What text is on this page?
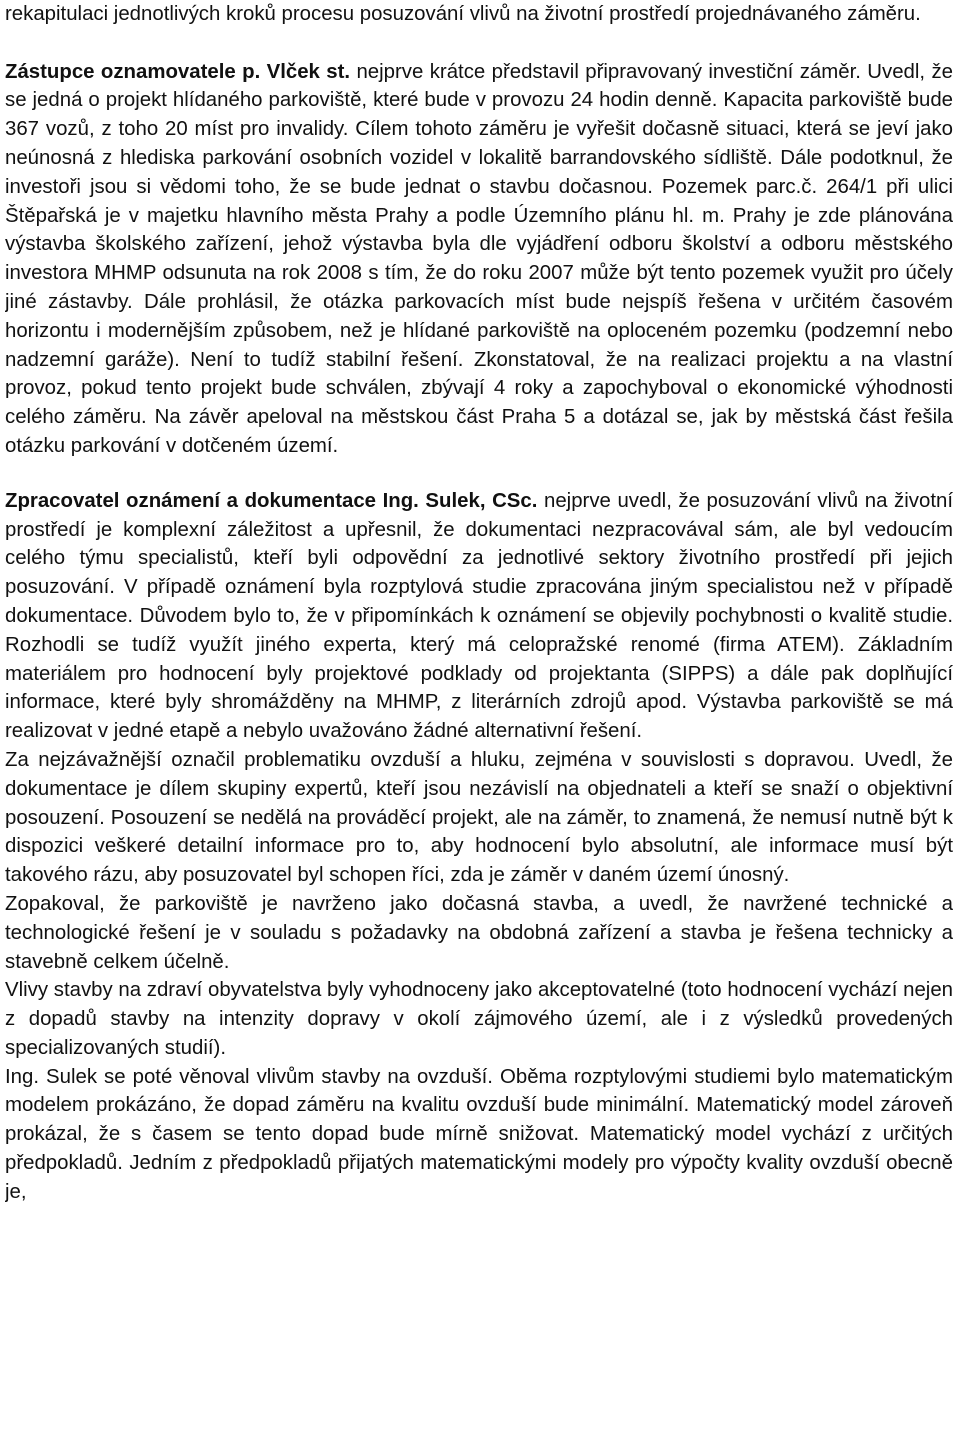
rekapitulaci jednotlivých kroků procesu posuzování vlivů na životní prostředí projednávaného záměru.

Zástupce oznamovatele p. Vlček st. nejprve krátce představil připravovaný investiční záměr. Uvedl, že se jedná o projekt hlídaného parkoviště, které bude v provozu 24 hodin denně. Kapacita parkoviště bude 367 vozů, z toho 20 míst pro invalidy. Cílem tohoto záměru je vyřešit dočasně situaci, která se jeví jako neúnosná z hlediska parkování osobních vozidel v lokalitě barrandovského sídliště. Dále podotknul, že investoři jsou si vědomi toho, že se bude jednat o stavbu dočasnou. Pozemek parc.č. 264/1 při ulici Štěpařská je v majetku hlavního města Prahy a podle Územního plánu hl. m. Prahy je zde plánována výstavba školského zařízení, jehož výstavba byla dle vyjádření odboru školství a odboru městského investora MHMP odsunuta na rok 2008 s tím, že do roku 2007 může být tento pozemek využit pro účely jiné zástavby. Dále prohlásil, že otázka parkovacích míst bude nejspíš řešena v určitém časovém horizontu i modernějším způsobem, než je hlídané parkoviště na oploceném pozemku (podzemní nebo nadzemní garáže). Není to tudíž stabilní řešení. Zkonstatoval, že na realizaci projektu a na vlastní provoz, pokud tento projekt bude schválen, zbývají 4 roky a zapochyboval o ekonomické výhodnosti celého záměru. Na závěr apeloval na městskou část Praha 5 a dotázal se, jak by městská část řešila otázku parkování v dotčeném území.

Zpracovatel oznámení a dokumentace Ing. Sulek, CSc. nejprve uvedl, že posuzování vlivů na životní prostředí je komplexní záležitost a upřesnil, že dokumentaci nezpracovával sám, ale byl vedoucím celého týmu specialistů, kteří byli odpovědní za jednotlivé sektory životního prostředí při jejich posuzování. V případě oznámení byla rozptylová studie zpracována jiným specialistou než v případě dokumentace. Důvodem bylo to, že v připomínkách k oznámení se objevily pochybnosti o kvalitě studie. Rozhodli se tudíž využít jiného experta, který má celopražské renomé (firma ATEM). Základním materiálem pro hodnocení byly projektové podklady od projektanta (SIPPS) a dále pak doplňující informace, které byly shromážděny na MHMP, z literárních zdrojů apod. Výstavba parkoviště se má realizovat v jedné etapě a nebylo uvažováno žádné alternativní řešení.

Za nejzávažnější označil problematiku ovzduší a hluku, zejména v souvislosti s dopravou. Uvedl, že dokumentace je dílem skupiny expertů, kteří jsou nezávislí na objednateli a kteří se snaží o objektivní posouzení. Posouzení se nedělá na prováděcí projekt, ale na záměr, to znamená, že nemusí nutně být k dispozici veškeré detailní informace pro to, aby hodnocení bylo absolutní, ale informace musí být takového rázu, aby posuzovatel byl schopen říci, zda je záměr v daném území únosný.

Zopakoval, že parkoviště je navrženo jako dočasná stavba, a uvedl, že navržené technické a technologické řešení je v souladu s požadavky na obdobná zařízení a stavba je řešena technicky a stavebně celkem účelně.

Vlivy stavby na zdraví obyvatelstva byly vyhodnoceny jako akceptovatelné (toto hodnocení vychází nejen z dopadů stavby na intenzity dopravy v okolí zájmového území, ale i z výsledků provedených specializovaných studií).

Ing. Sulek se poté věnoval vlivům stavby na ovzduší. Oběma rozptylovými studiemi bylo matematickým modelem prokázáno, že dopad záměru na kvalitu ovzduší bude minimální. Matematický model zároveň prokázal, že s časem se tento dopad bude mírně snižovat. Matematický model vychází z určitých předpokladů. Jedním z předpokladů přijatých matematickými modely pro výpočty kvality ovzduší obecně je,
